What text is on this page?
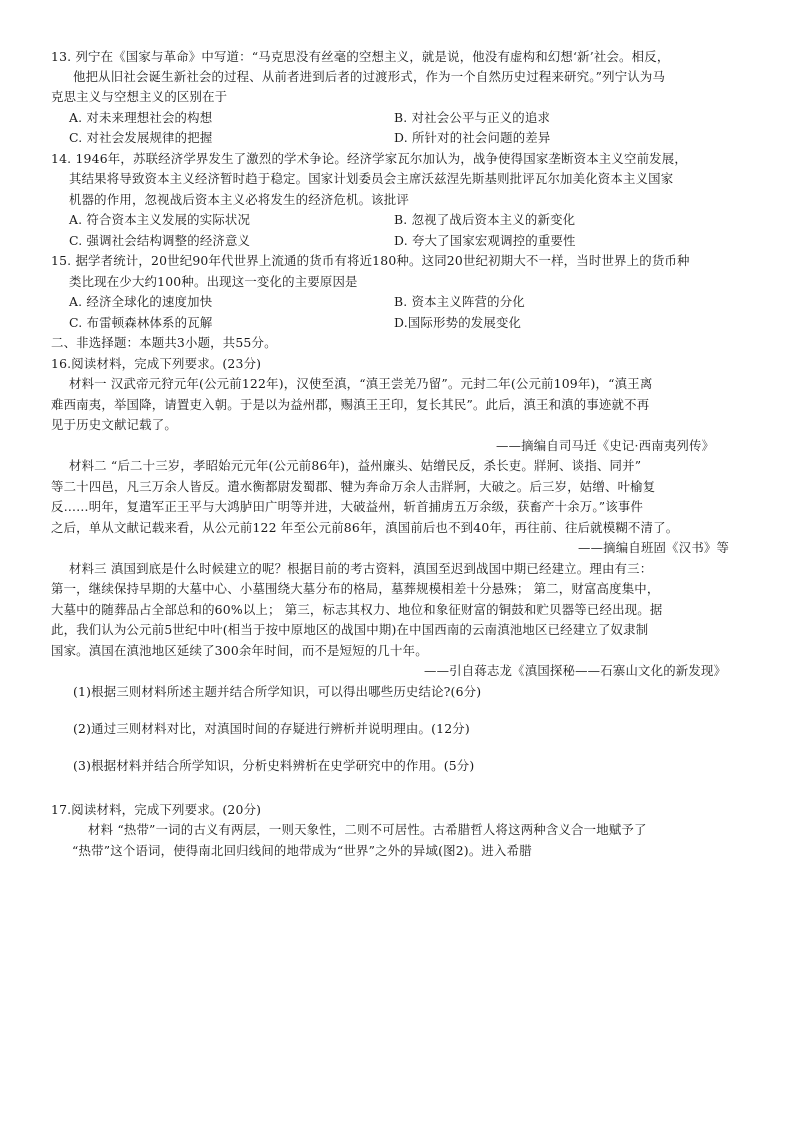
13. 列宁在《国家与革命》中写道：“马克思没有丝毫的空想主义，就是说，他没有虚构和幻想‘新’社会。相反，
他把从旧社会诞生新社会的过程、从前者进到后者的过渡形式，作为一个自然历史过程来研究。”列宁认为马
克思主义与空想主义的区别在于
A. 对未来理想社会的构想	B. 对社会公平与正义的追求
C. 对社会发展规律的把握	D. 所针对的社会问题的差异
14. 1946年，苏联经济学界发生了激烈的学术争论。经济学家瓦尔加认为，战争使得国家垄断资本主义空前发展，
其结果将导致资本主义经济暂时趋于稳定。国家计划委员会主席沃兹涅先斯基则批评瓦尔加美化资本主义国家
机器的作用，忽视战后资本主义必将发生的经济危机。该批评
A. 符合资本主义发展的实际状况	B. 忽视了战后资本主义的新变化
C. 强调社会结构调整的经济意义	D. 夸大了国家宏观调控的重要性
15. 据学者统计，20世纪90年代世界上流通的货币有将近180种。这同20世纪初期大不一样，当时世界上的货币种
类比现在少大约100种。出现这一变化的主要原因是
A. 经济全球化的速度加快	B. 资本主义阵营的分化
C. 布雷顿森林体系的瓦解	D.国际形势的发展变化
二、非选择题：本题共3小题，共55分。
16.阅读材料，完成下列要求。(23分)
材料一 汉武帝元狩元年(公元前122年)，汉使至滇，“滇王尝羌乃留”。元封二年(公元前109年)，“滇王离
难西南夷，举国降，请置吏入朝。于是以为益州郡，赐滇王王印，复长其民”。此后，滇王和滇的事迹就不再
见于历史文献记载了。
——摘编自司马迁《史记·西南夷列传》
材料二 “后二十三岁，孝昭始元元年(公元前86年)，益州廉头、姑缯民反，杀长吏。牂牁、谈指、同并”
等二十四邑，凡三万余人皆反。遣水衡都尉发蜀郡、犍为奔命万余人击牂牁，大破之。后三岁，姑缯、叶榆复
反……明年，复遣军正王平与大鸿胪田广明等并进，大破益州，斩首捕虏五万余级，获畜产十余万。”该事件
之后，单从文献记载来看，从公元前122 年至公元前86年，滇国前后也不到40年，再往前、往后就模糊不清了。
——摘编自班固《汉书》等
材料三 滇国到底是什么时候建立的呢？根据目前的考古资料，滇国至迟到战国中期已经建立。理由有三：
第一，继续保持早期的大墓中心、小墓围绕大墓分布的格局，墓葬规模相差十分悬殊； 第二，财富高度集中，
大墓中的随葬品占全部总和的60%以上； 第三，标志其权力、地位和象征财富的铜鼓和贮贝器等已经出现。据
此，我们认为公元前5世纪中叶(相当于按中原地区的战国中期)在中国西南的云南滇池地区已经建立了奴隶制
国家。滇国在滇池地区延续了300余年时间，而不是短短的几十年。
——引自蒋志龙《滇国探秘——石寨山文化的新发现》
(1)根据三则材料所述主题并结合所学知识，可以得出哪些历史结论?(6分)
(2)通过三则材料对比，对滇国时间的存疑进行辨析并说明理由。(12分)
(3)根据材料并结合所学知识，分析史料辨析在史学研究中的作用。(5分)
17.阅读材料，完成下列要求。(20分)
材料 “热带”一词的古义有两层，一则天象性，二则不可居性。古希腊哲人将这两种含义合一地赋予了
“热带”这个语词，使得南北回归线间的地带成为“世界”之外的异域(图2)。进入希腊
